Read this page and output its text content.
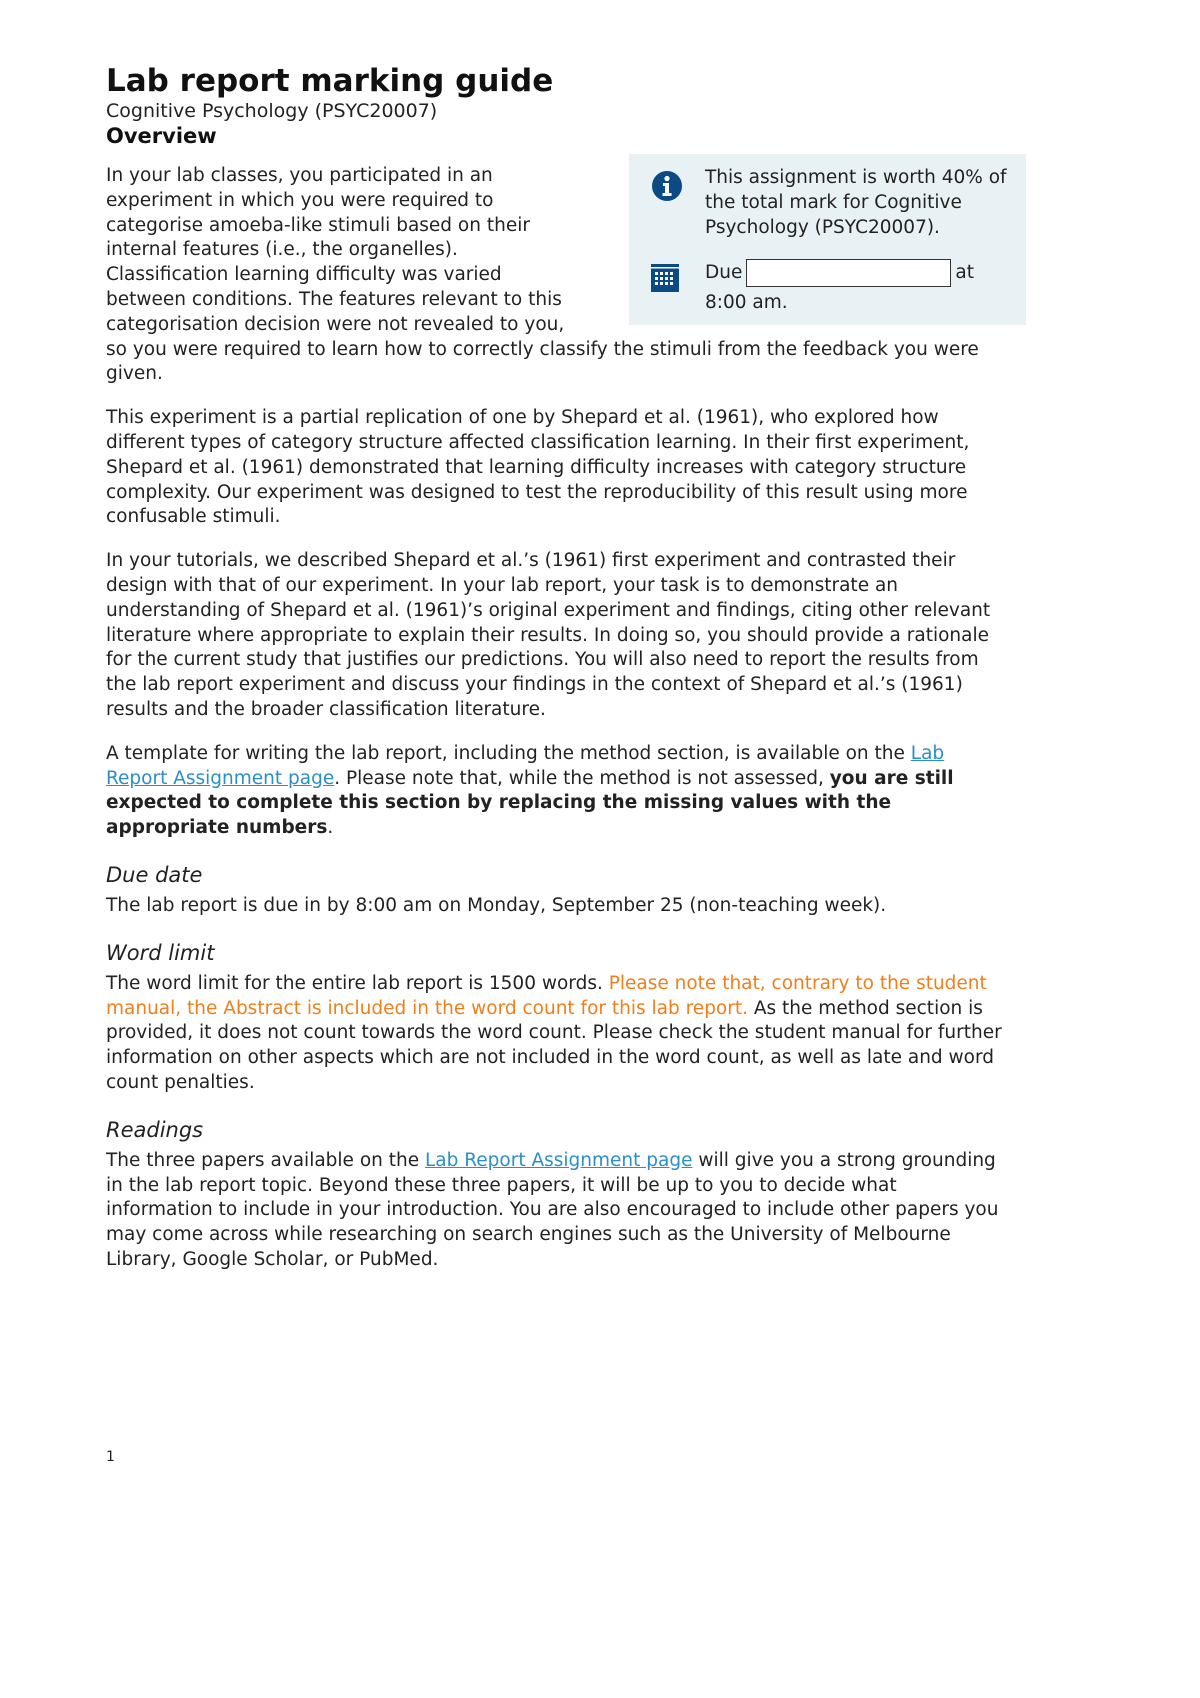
Lab report marking guide
Cognitive Psychology (PSYC20007)
Overview
This assignment is worth 40% of the total mark for Cognitive Psychology (PSYC20007).
Due	at
8:00 am.

In your lab classes, you participated in an experiment in which you were required to categorise amoeba-like stimuli based on their internal features (i.e., the organelles). Classification learning difficulty was varied between conditions. The features relevant to this categorisation decision were not revealed to you, so you were required to learn how to correctly classify the stimuli from the feedback you were given.

This experiment is a partial replication of one by Shepard et al. (1961), who explored how different types of category structure affected classification learning. In their first experiment, Shepard et al. (1961) demonstrated that learning difficulty increases with category structure complexity. Our experiment was designed to test the reproducibility of this result using more confusable stimuli.

In your tutorials, we described Shepard et al.’s (1961) first experiment and contrasted their design with that of our experiment. In your lab report, your task is to demonstrate an understanding of Shepard et al. (1961)’s original experiment and findings, citing other relevant literature where appropriate to explain their results. In doing so, you should provide a rationale for the current study that justifies our predictions. You will also need to report the results from the lab report experiment and discuss your findings in the context of Shepard et al.’s (1961) results and the broader classification literature.

A template for writing the lab report, including the method section, is available on the Lab Report Assignment page. Please note that, while the method is not assessed, you are still expected to complete this section by replacing the missing values with the appropriate numbers.

Due date

The lab report is due in by 8:00 am on Monday, September 25 (non-teaching week).

Word limit

The word limit for the entire lab report is 1500 words. Please note that, contrary to the student manual, the Abstract is included in the word count for this lab report. As the method section is provided, it does not count towards the word count. Please check the student manual for further information on other aspects which are not included in the word count, as well as late and word count penalties.

Readings

The three papers available on the Lab Report Assignment page will give you a strong grounding in the lab report topic. Beyond these three papers, it will be up to you to decide what information to include in your introduction. You are also encouraged to include other papers you may come across while researching on search engines such as the University of Melbourne Library, Google Scholar, or PubMed.

1
